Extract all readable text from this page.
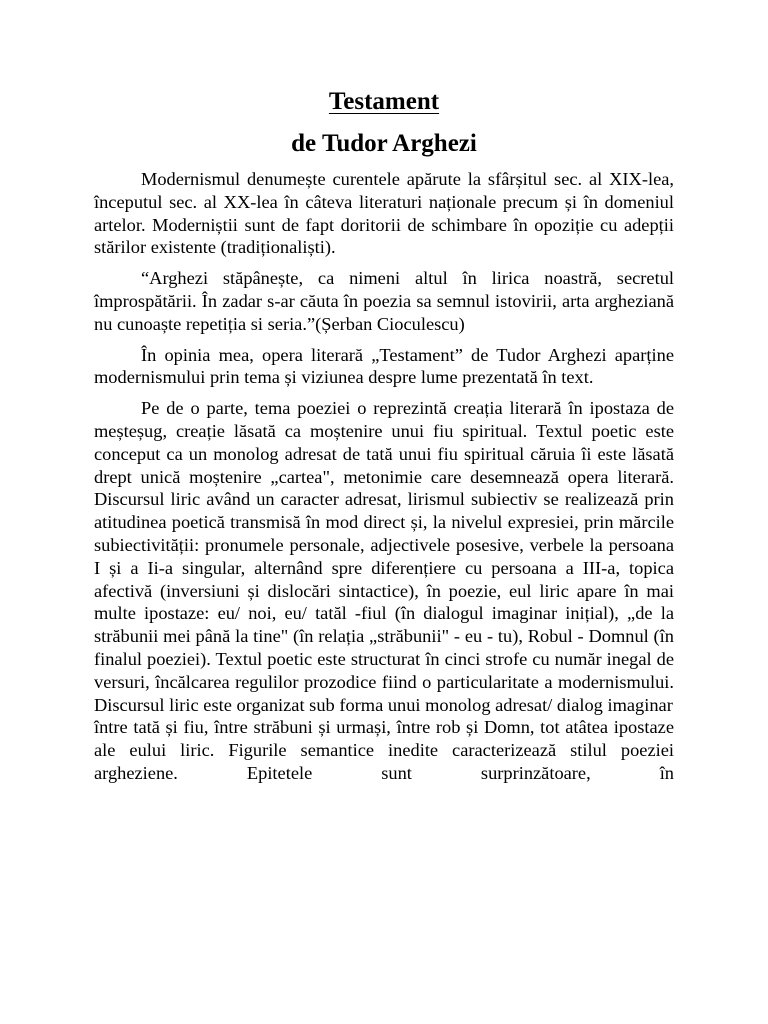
Testament
de Tudor Arghezi

Modernismul denumește curentele apărute la sfârșitul sec. al XIX-lea, începutul sec. al XX-lea în câteva literaturi naționale precum și în domeniul artelor. Moderniștii sunt de fapt doritorii de schimbare în opoziție cu adepții stărilor existente (tradiționaliști).

“Arghezi stăpânește, ca nimeni altul în lirica noastră, secretul împrospătării. În zadar s-ar căuta în poezia sa semnul istovirii, arta argheziană nu cunoaște repetiția si seria.”(Șerban Cioculescu)

În opinia mea, opera literară „Testament” de Tudor Arghezi aparține modernismului prin tema și viziunea despre lume prezentată în text.

Pe de o parte, tema poeziei o reprezintă creația literară în ipostaza de meșteșug, creație lăsată ca moștenire unui fiu spiritual. Textul poetic este conceput ca un monolog adresat de tată unui fiu spiritual căruia îi este lăsată drept unică moștenire „cartea", metonimie care desemnează opera literară. Discursul liric având un caracter adresat, lirismul subiectiv se realizează prin atitudinea poetică transmisă în mod direct și, la nivelul expresiei, prin mărcile subiectivității: pronumele personale, adjectivele posesive, verbele la persoana I și a Ii-a singular, alternând spre diferențiere cu persoana a III-a, topica afectivă (inversiuni și dislocări sintactice), în poezie, eul liric apare în mai multe ipostaze: eu/ noi, eu/ tatăl -fiul (în dialogul imaginar inițial), „de la străbunii mei până la tine" (în relația „străbunii" - eu - tu), Robul - Domnul (în finalul poeziei). Textul poetic este structurat în cinci strofe cu număr inegal de versuri, încălcarea regulilor prozodice fiind o particularitate a modernismului. Discursul liric este organizat sub forma unui monolog adresat/ dialog imaginar

între tată și fiu, între străbuni și urmași, între rob și Domn, tot atâtea ipostaze ale eului liric. Figurile semantice inedite caracterizează stilul poeziei argheziene. Epitetele sunt surprinzătoare, în
